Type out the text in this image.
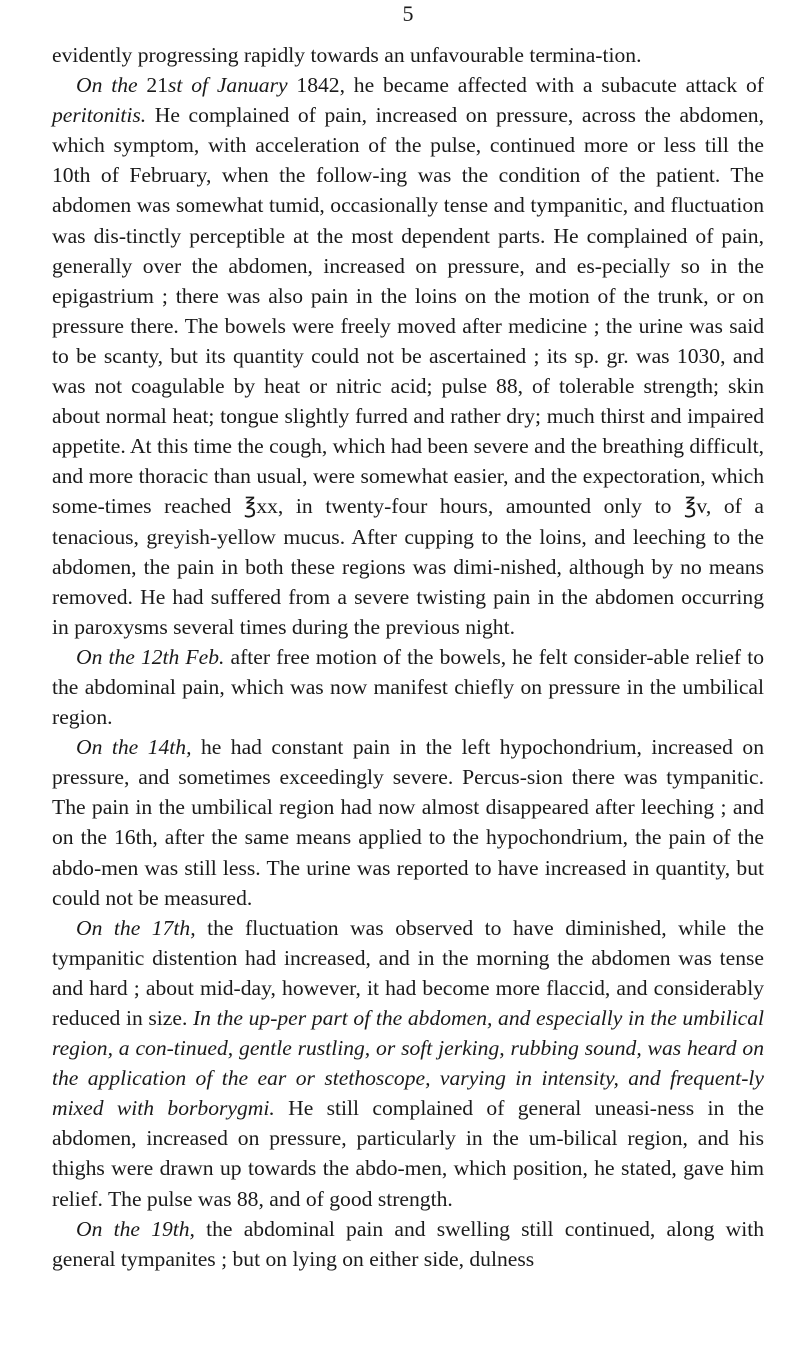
5

evidently progressing rapidly towards an unfavourable termina-tion.

On the 21st of January 1842, he became affected with a subacute attack of peritonitis. He complained of pain, increased on pressure, across the abdomen, which symptom, with acceleration of the pulse, continued more or less till the 10th of February, when the follow-ing was the condition of the patient. The abdomen was somewhat tumid, occasionally tense and tympanitic, and fluctuation was dis-tinctly perceptible at the most dependent parts. He complained of pain, generally over the abdomen, increased on pressure, and es-pecially so in the epigastrium ; there was also pain in the loins on the motion of the trunk, or on pressure there. The bowels were freely moved after medicine ; the urine was said to be scanty, but its quantity could not be ascertained ; its sp. gr. was 1030, and was not coagulable by heat or nitric acid; pulse 88, of tolerable strength; skin about normal heat; tongue slightly furred and rather dry; much thirst and impaired appetite. At this time the cough, which had been severe and the breathing difficult, and more thoracic than usual, were somewhat easier, and the expectoration, which some-times reached ℥xx, in twenty-four hours, amounted only to ℥v, of a tenacious, greyish-yellow mucus. After cupping to the loins, and leeching to the abdomen, the pain in both these regions was dimi-nished, although by no means removed. He had suffered from a severe twisting pain in the abdomen occurring in paroxysms several times during the previous night.

On the 12th Feb. after free motion of the bowels, he felt consider-able relief to the abdominal pain, which was now manifest chiefly on pressure in the umbilical region.

On the 14th, he had constant pain in the left hypochondrium, increased on pressure, and sometimes exceedingly severe. Percus-sion there was tympanitic. The pain in the umbilical region had now almost disappeared after leeching ; and on the 16th, after the same means applied to the hypochondrium, the pain of the abdo-men was still less. The urine was reported to have increased in quantity, but could not be measured.

On the 17th, the fluctuation was observed to have diminished, while the tympanitic distention had increased, and in the morning the abdomen was tense and hard ; about mid-day, however, it had become more flaccid, and considerably reduced in size. In the up-per part of the abdomen, and especially in the umbilical region, a con-tinued, gentle rustling, or soft jerking, rubbing sound, was heard on the application of the ear or stethoscope, varying in intensity, and frequent-ly mixed with borborygmi. He still complained of general uneasi-ness in the abdomen, increased on pressure, particularly in the um-bilical region, and his thighs were drawn up towards the abdo-men, which position, he stated, gave him relief. The pulse was 88, and of good strength.

On the 19th, the abdominal pain and swelling still continued, along with general tympanites ; but on lying on either side, dulness
